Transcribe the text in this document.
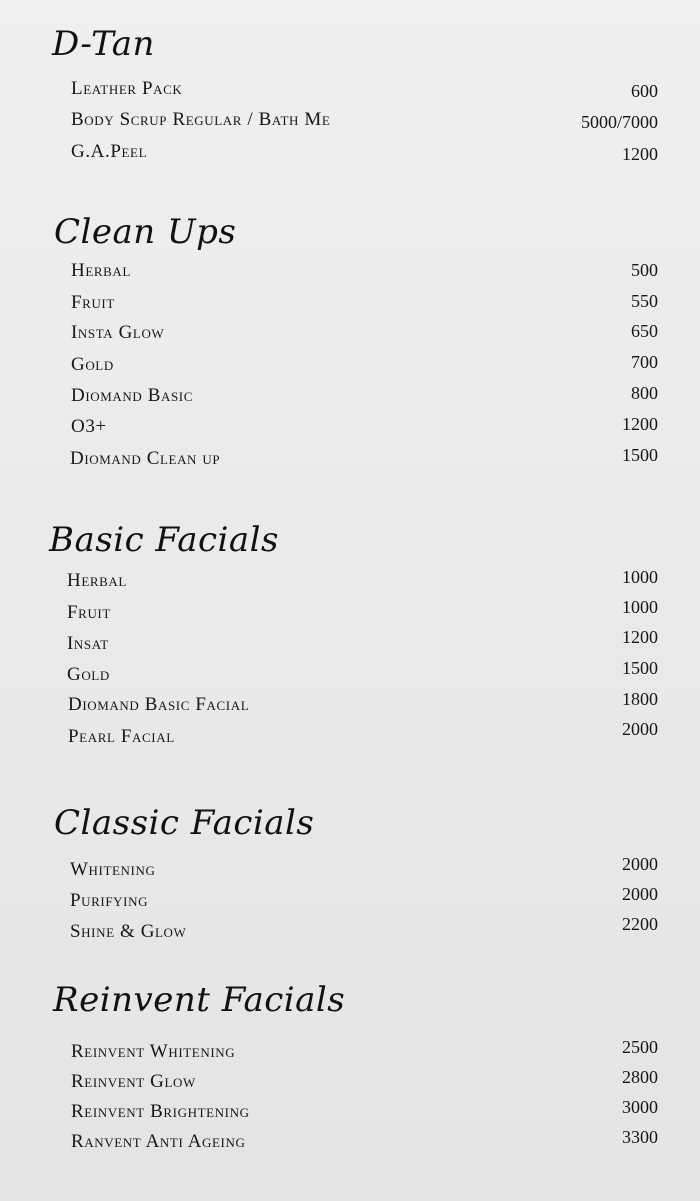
D-Tan
Leather Pack	600
Body Scrup Regular / Bath Me	5000/7000
G.A.Peel	1200
Clean Ups
Herbal	500
Fruit	550
Insta Glow	650
Gold	700
Diomand Basic	800
O3+	1200
Diomand Clean up	1500
Basic Facials
Herbal	1000
Fruit	1000
Insat	1200
Gold	1500
Diomand Basic Facial	1800
Pearl Facial	2000
Classic Facials
Whitening	2000
Purifying	2000
Shine & Glow	2200
Reinvent Facials
Reinvent Whitening	2500
Reinvent Glow	2800
Reinvent Brightening	3000
Ranvent Anti Ageing	3300
